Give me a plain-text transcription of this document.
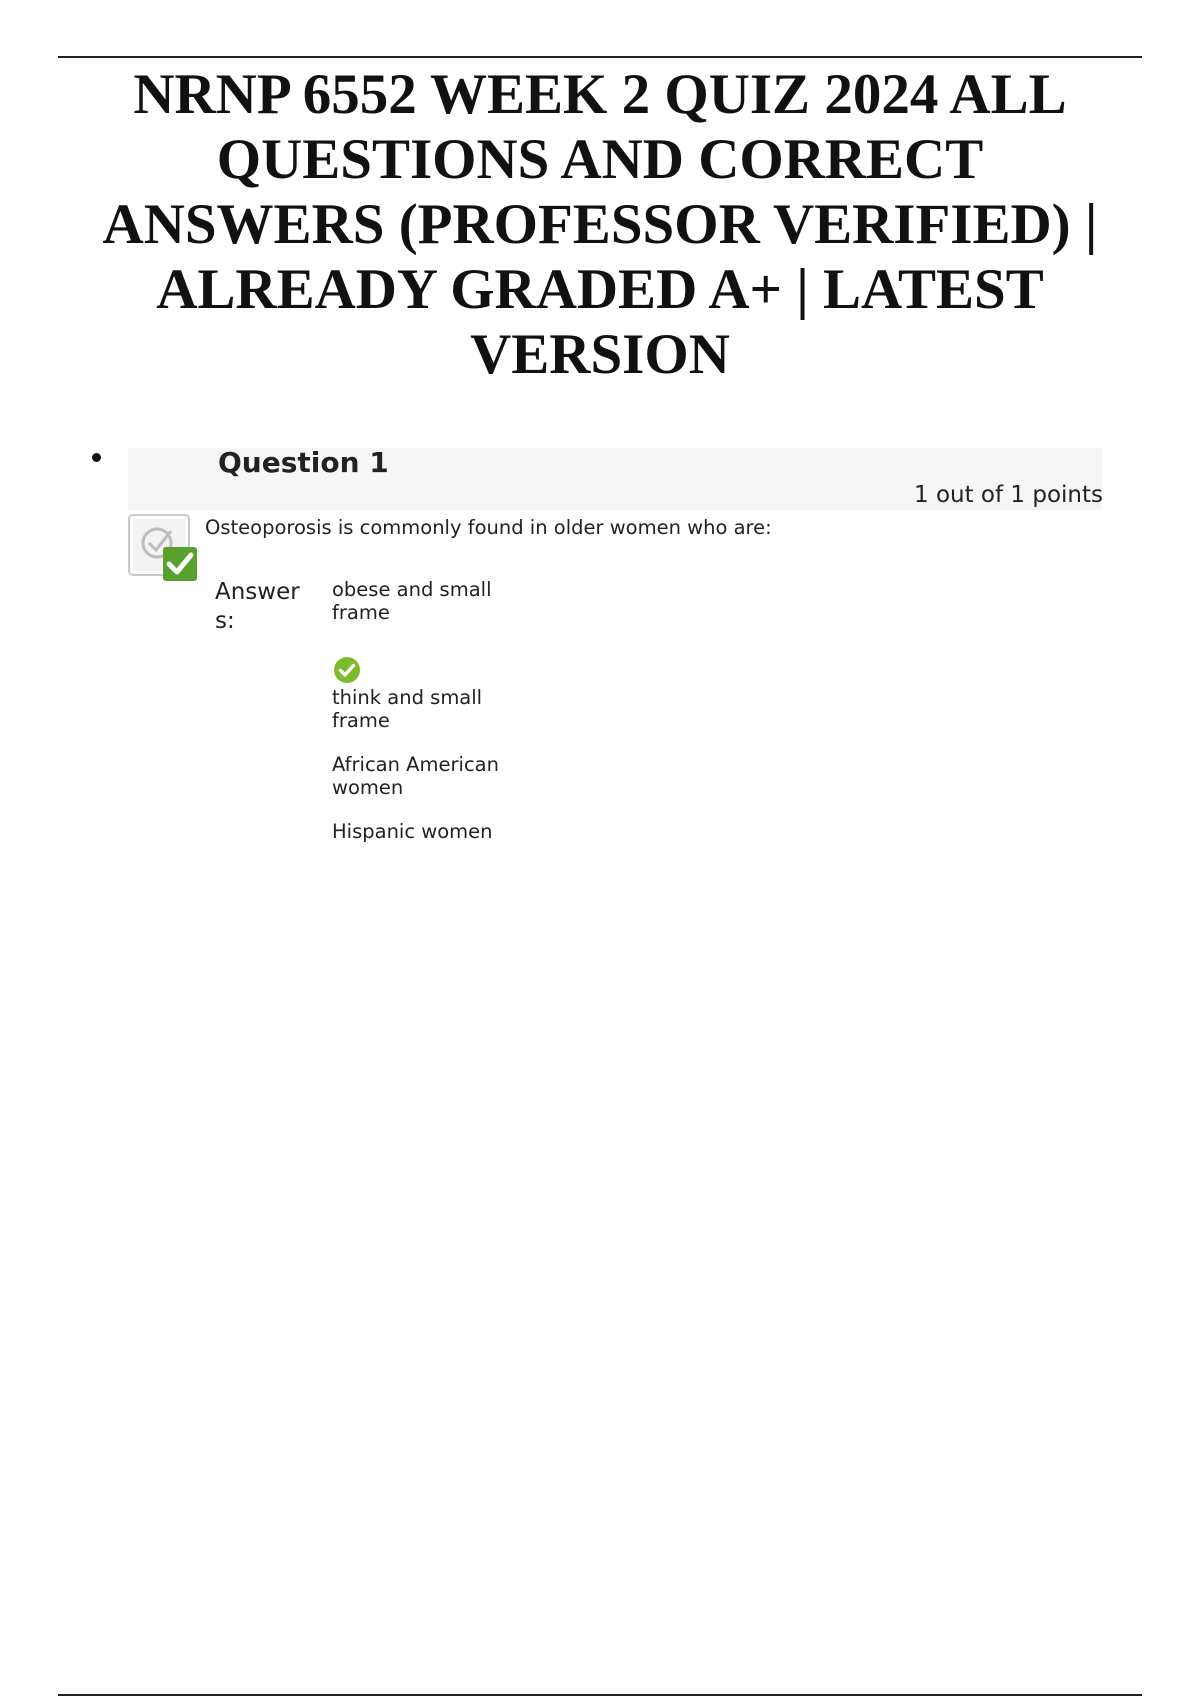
NRNP 6552 WEEK 2 QUIZ 2024 ALL QUESTIONS AND CORRECT ANSWERS (PROFESSOR VERIFIED) | ALREADY GRADED A+ | LATEST VERSION
Question 1
1 out of 1 points
Osteoporosis is commonly found in older women who are:
Answers:
obese and small frame
think and small frame
African American women
Hispanic women
